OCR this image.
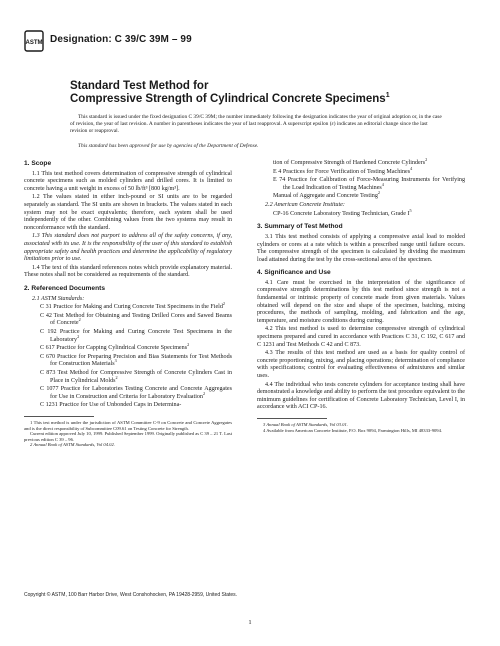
ASTM Designation: C 39/C 39M – 99
Standard Test Method for
Compressive Strength of Cylindrical Concrete Specimens$^1$
This standard is issued under the fixed designation C 39/C 39M; the number immediately following the designation indicates the year of original adoption or, in the case of revision, the year of last revision. A number in parentheses indicates the year of last reapproval. A superscript epsilon (ε) indicates an editorial change since the last revision or reapproval.
This standard has been approved for use by agencies of the Department of Defense.
1. Scope
1.1 This test method covers determination of compressive strength of cylindrical concrete specimens such as molded cylinders and drilled cores. It is limited to concrete having a unit weight in excess of 50 lb/ft³ [800 kg/m³].
1.2 The values stated in either inch-pound or SI units are to be regarded separately as standard. The SI units are shown in brackets. The values stated in each system may not be exact equivalents; therefore, each system shall be used independently of the other. Combining values from the two systems may result in nonconformance with the standard.
1.3 This standard does not purport to address all of the safety concerns, if any, associated with its use. It is the responsibility of the user of this standard to establish appropriate safety and health practices and determine the applicability of regulatory limitations prior to use.
1.4 The text of this standard references notes which provide explanatory material. These notes shall not be considered as requirements of the standard.
2. Referenced Documents
2.1 ASTM Standards:
C 31 Practice for Making and Curing Concrete Test Specimens in the Field$^2$
C 42 Test Method for Obtaining and Testing Drilled Cores and Sawed Beams of Concrete$^2$
C 192 Practice for Making and Curing Concrete Test Specimens in the Laboratory$^2$
C 617 Practice for Capping Cylindrical Concrete Specimens$^2$
C 670 Practice for Preparing Precision and Bias Statements for Test Methods for Construction Materials$^3$
C 873 Test Method for Compressive Strength of Concrete Cylinders Cast in Place in Cylindrical Molds$^2$
C 1077 Practice for Laboratories Testing Concrete and Concrete Aggregates for Use in Construction and Criteria for Laboratory Evaluation$^2$
C 1231 Practice for Use of Unbonded Caps in Determina-

1 This test method is under the jurisdiction of ASTM Committee C-9 on Concrete and Concrete Aggregates and is the direct responsibility of Subcommittee C09.61 on Testing Concrete for Strength.

Current edition approved July 10, 1999. Published September 1999. Originally published as C 39 – 21 T. Last previous edition C 39 – 96.

2 Annual Book of ASTM Standards, Vol 04.02.

tion of Compressive Strength of Hardened Concrete Cylinders$^2$
E 4 Practices for Force Verification of Testing Machines$^4$
E 74 Practice for Calibration of Force-Measuring Instruments for Verifying the Load Indication of Testing Machines$^4$
Manual of Aggregate and Concrete Testing$^2$
2.2 American Concrete Institute:
CP-16 Concrete Laboratory Testing Technician, Grade $I^5$
3. Summary of Test Method
3.1 This test method consists of applying a compressive axial load to molded cylinders or cores at a rate which is within a prescribed range until failure occurs. The compressive strength of the specimen is calculated by dividing the maximum load attained during the test by the cross-sectional area of the specimen.
4. Significance and Use
4.1 Care must be exercised in the interpretation of the significance of compressive strength determinations by this test method since strength is not a fundamental or intrinsic property of concrete made from given materials. Values obtained will depend on the size and shape of the specimen, batching, mixing procedures, the methods of sampling, molding, and fabrication and the age, temperature, and moisture conditions during curing.
4.2 This test method is used to determine compressive strength of cylindrical specimens prepared and cured in accordance with Practices C 31, C 192, C 617 and C 1231 and Test Methods C 42 and C 873.
4.3 The results of this test method are used as a basis for quality control of concrete proportioning, mixing, and placing operations; determination of compliance with specifications; control for evaluating effectiveness of admixtures and similar uses.
4.4 The individual who tests concrete cylinders for acceptance testing shall have demonstrated a knowledge and ability to perform the test procedure equivalent to the minimum guidelines for certification of Concrete Laboratory Technician, Level I, in accordance with ACI CP-16.

3 Annual Book of ASTM Standards, Vol 03.01.

4 Available from American Concrete Institute, P.O. Box 9094, Farmington Hills, MI 48333-9094.

Copyright © ASTM, 100 Barr Harbor Drive, West Conshohocken, PA 19428-2959, United States.
1
